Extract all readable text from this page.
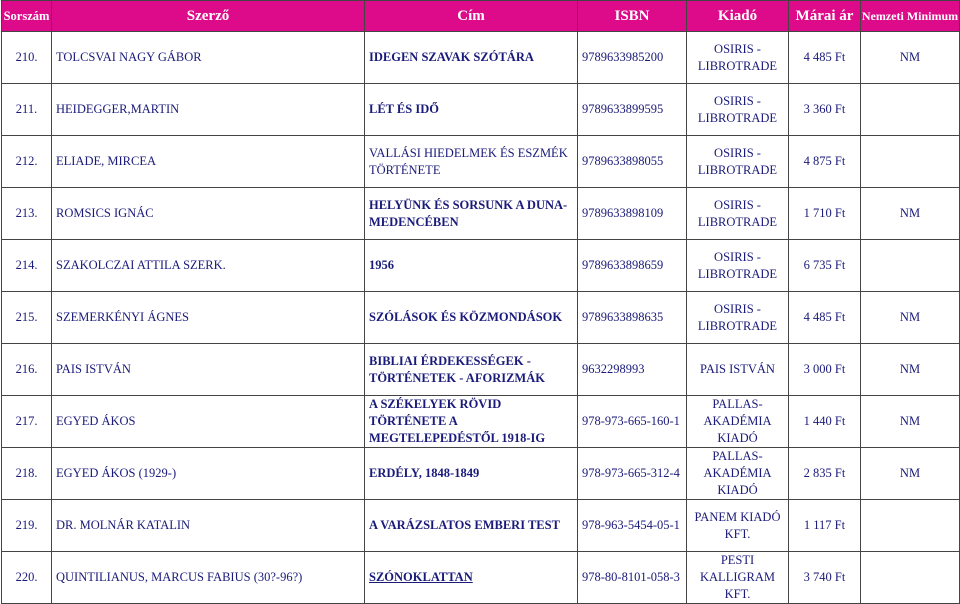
Sorszám	Szerző	Cím	ISBN	Kiadó	Márai ár	Nemzeti Minimum
210.	TOLCSVAI NAGY GÁBOR	IDEGEN SZAVAK SZÓTÁRA	9789633985200	OSIRIS - LIBROTRADE	4 485 Ft	NM
211.	HEIDEGGER,MARTIN	LÉT ÉS IDŐ	9789633899595	OSIRIS - LIBROTRADE	3 360 Ft	
212.	ELIADE, MIRCEA	VALLÁSI HIEDELMEK ÉS ESZMÉK TÖRTÉNETE	9789633898055	OSIRIS - LIBROTRADE	4 875 Ft	
213.	ROMSICS IGNÁC	HELYÜNK ÉS SORSUNK A DUNA-MEDENCÉBEN	9789633898109	OSIRIS - LIBROTRADE	1 710 Ft	NM
214.	SZAKOLCZAI ATTILA SZERK.	1956	9789633898659	OSIRIS - LIBROTRADE	6 735 Ft	
215.	SZEMERKÉNYI ÁGNES	SZÓLÁSOK ÉS KÖZMONDÁSOK	9789633898635	OSIRIS - LIBROTRADE	4 485 Ft	NM
216.	PAIS ISTVÁN	BIBLIAI ÉRDEKESSÉGEK - TÖRTÉNETEK - AFORIZMÁK	9632298993	PAIS ISTVÁN	3 000 Ft	NM
217.	EGYED ÁKOS	A SZÉKELYEK RÖVID TÖRTÉNETE A MEGTELEPEDÉSTŐL 1918-IG	978-973-665-160-1	PALLAS-AKADÉMIA KIADÓ	1 440 Ft	NM
218.	EGYED ÁKOS (1929-)	ERDÉLY, 1848-1849	978-973-665-312-4	PALLAS-AKADÉMIA KIADÓ	2 835 Ft	NM
219.	DR. MOLNÁR KATALIN	A VARÁZSLATOS EMBERI TEST	978-963-5454-05-1	PANEM KIADÓ KFT.	1 117 Ft	
220.	QUINTILIANUS, MARCUS FABIUS (30?-96?)	SZÓNOKLATTAN	978-80-8101-058-3	PESTI KALLIGRAM KFT.	3 740 Ft	
